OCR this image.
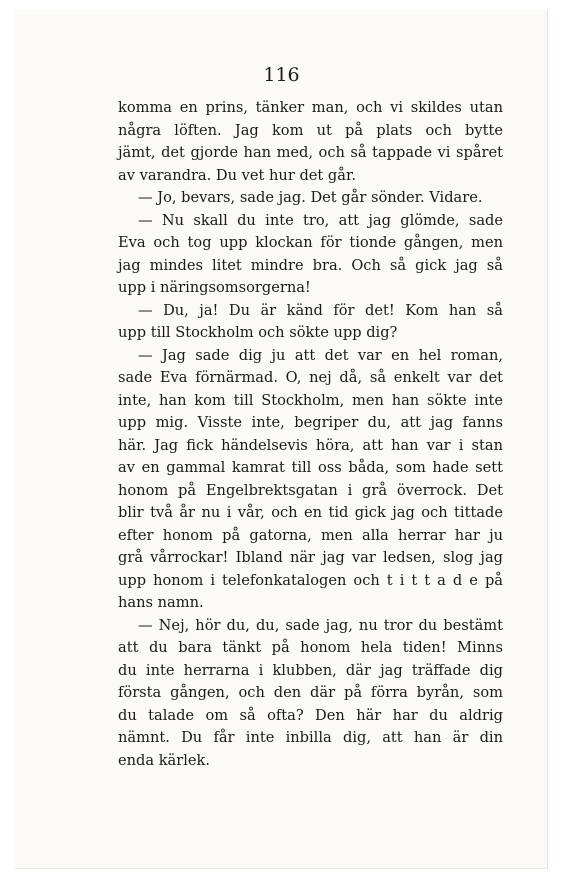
116

komma en prins, tänker man, och vi skildes utan
några löften. Jag kom ut på plats och bytte
jämt, det gjorde han med, och så tappade vi spåret
av varandra. Du vet hur det går.
— Jo, bevars, sade jag. Det går sönder. Vidare.
— Nu skall du inte tro, att jag glömde, sade
Eva och tog upp klockan för tionde gången, men
jag mindes litet mindre bra. Och så gick jag så
upp i näringsomsorgerna!
— Du, ja! Du är känd för det! Kom han så
upp till Stockholm och sökte upp dig?
— Jag sade dig ju att det var en hel roman,
sade Eva förnärmad. O, nej då, så enkelt var det
inte, han kom till Stockholm, men han sökte inte
upp mig. Visste inte, begriper du, att jag fanns
här. Jag fick händelsevis höra, att han var i stan
av en gammal kamrat till oss båda, som hade sett
honom på Engelbrektsgatan i grå överrock. Det
blir två år nu i vår, och en tid gick jag och tittade
efter honom på gatorna, men alla herrar har ju
grå vårrockar! Ibland när jag var ledsen, slog jag
upp honom i telefonkatalogen och t i t t a d e på
hans namn.
— Nej, hör du, du, sade jag, nu tror du bestämt
att du bara tänkt på honom hela tiden! Minns
du inte herrarna i klubben, där jag träffade dig
första gången, och den där på förra byrån, som
du talade om så ofta? Den här har du aldrig
nämnt. Du får inte inbilla dig, att han är din
enda kärlek.
